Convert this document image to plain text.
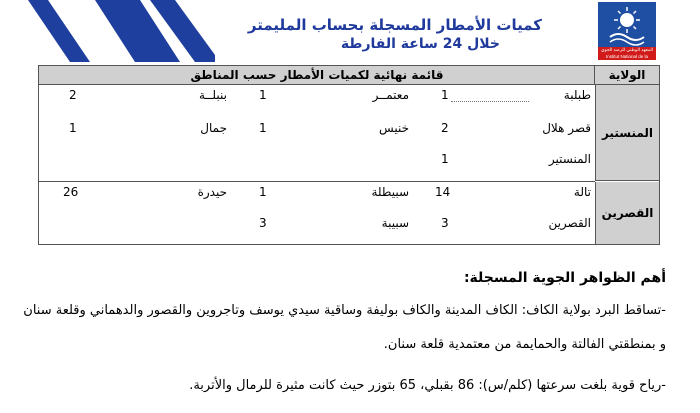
المعهد الوطني للرصد الجوي
Institut National de la Météorologie
كميات الأمطار المسجلة بحساب المليمتر
خلال 24 ساعة الفارطة
قائمة نهائية لكميات الأمطار حسب المناطق	الولاية
المنستير
القصرين
طبلبة
1
معتمــر
1
بنبلــة
2
قصر هلال
2
خنيس
1
جمال
1
المنستير
1
تالة
14
سبيطلة
1
حيدرة
26
القصرين
3
سبيبة
3
أهم الظواهر الجوية المسجلة:
-تساقط البرد بولاية الكاف: الكاف المدينة والكاف بوليفة وساقية سيدي يوسف وتاجروين والقصور والدهماني وقلعة سنان
و بمنطقتي الفالتة والحمايمة من معتمدية قلعة سنان.
-رياح قوية بلغت سرعتها (كلم/س): 86 بقبلي، 65 بتوزر حيث كانت مثيرة للرمال والأتربة.
